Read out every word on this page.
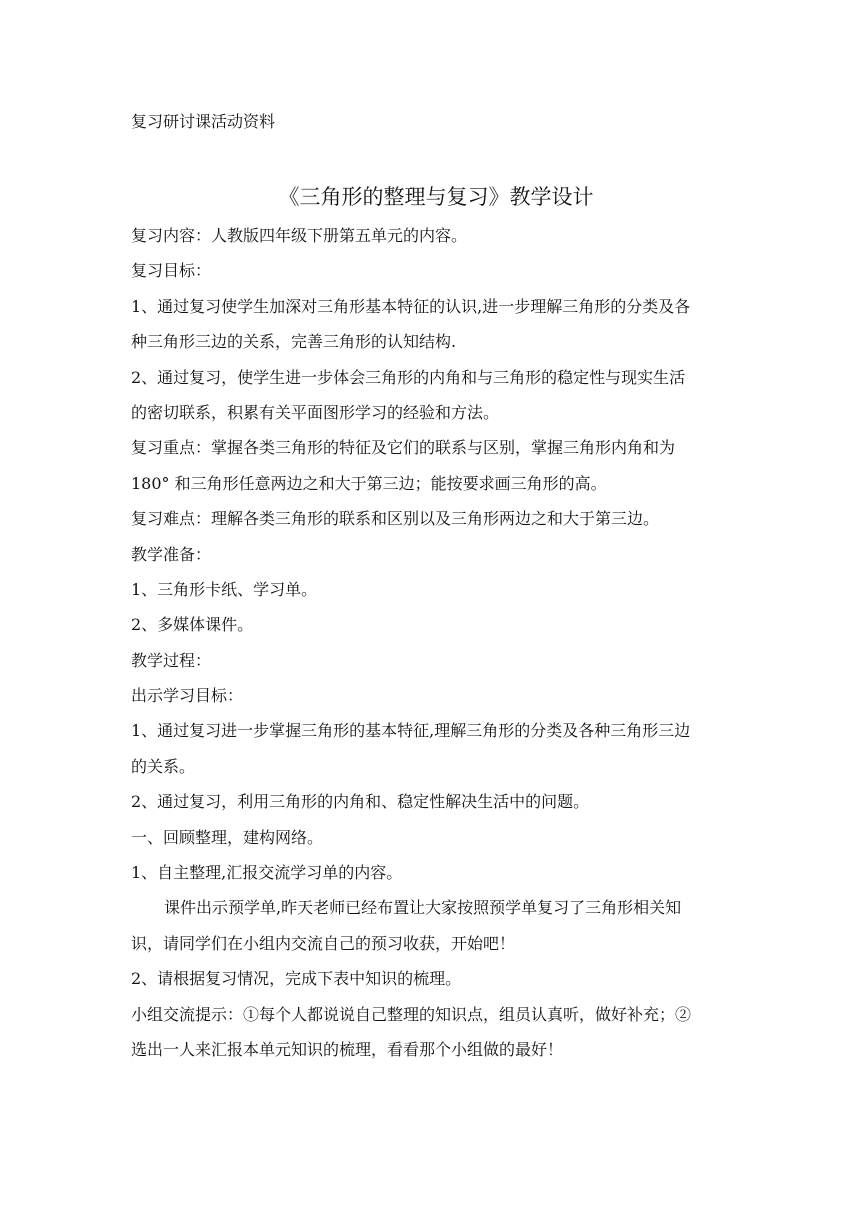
复习研讨课活动资料

《三角形的整理与复习》教学设计

复习内容：人教版四年级下册第五单元的内容。

复习目标：

1、通过复习使学生加深对三角形基本特征的认识,进一步理解三角形的分类及各

种三角形三边的关系，完善三角形的认知结构.

2、通过复习，使学生进一步体会三角形的内角和与三角形的稳定性与现实生活

的密切联系，积累有关平面图形学习的经验和方法。

复习重点：掌握各类三角形的特征及它们的联系与区别，掌握三角形内角和为

180° 和三角形任意两边之和大于第三边；能按要求画三角形的高。

复习难点：理解各类三角形的联系和区别以及三角形两边之和大于第三边。

教学准备：

1、三角形卡纸、学习单。

2、多媒体课件。

教学过程：

出示学习目标：

1、通过复习进一步掌握三角形的基本特征,理解三角形的分类及各种三角形三边

的关系。

2、通过复习，利用三角形的内角和、稳定性解决生活中的问题。

一、回顾整理，建构网络。

1、自主整理,汇报交流学习单的内容。

课件出示预学单,昨天老师已经布置让大家按照预学单复习了三角形相关知

识，请同学们在小组内交流自己的预习收获，开始吧！

2、请根据复习情况，完成下表中知识的梳理。

小组交流提示：①每个人都说说自己整理的知识点，组员认真听，做好补充；②

选出一人来汇报本单元知识的梳理，看看那个小组做的最好！
